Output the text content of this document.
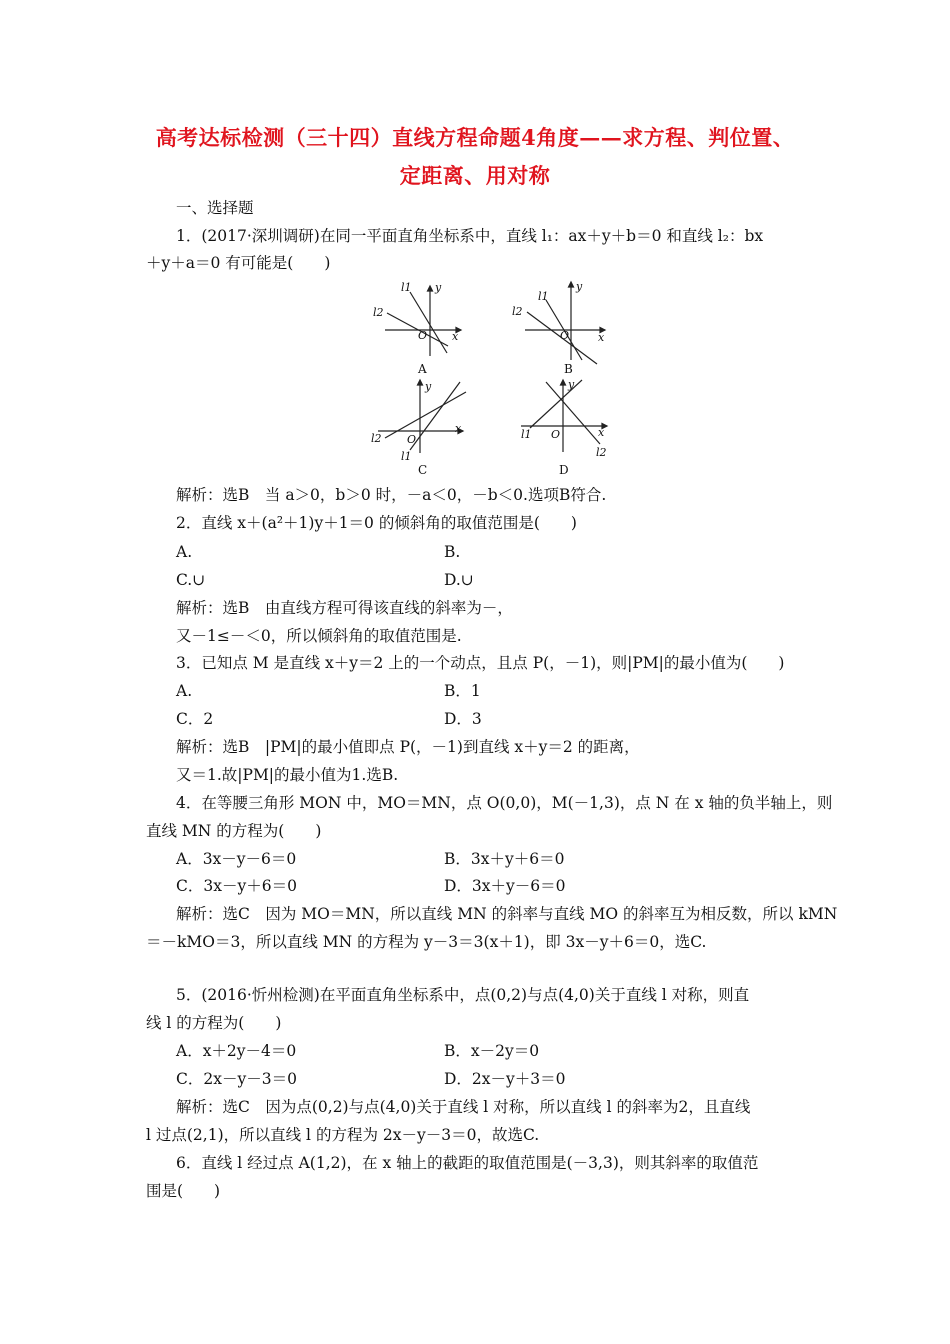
高考达标检测（三十四）直线方程命题4角度——求方程、判位置、
定距离、用对称
一、选择题
1．(2017·深圳调研)在同一平面直角坐标系中，直线 l₁：ax＋y＋b＝0 和直线 l₂：bx
＋y＋a＝0 有可能是(　　)
l1
l2
O x
y
A
l1
l2
O	x
y
B
l1
l2 O
x
y
C
l1
l2
O	x
y
D
解析：选B　当 a＞0，b＞0 时，－a＜0，－b＜0.选项B符合.
2．直线 x＋(a²＋1)y＋1＝0 的倾斜角的取值范围是(　　)
A.	B.
C.∪	D.∪
解析：选B　由直线方程可得该直线的斜率为－，
又－1≤－＜0，所以倾斜角的取值范围是.
3．已知点 M 是直线 x＋y＝2 上的一个动点，且点 P(，－1)，则|PM|的最小值为(　　)
A.	B．1
C．2	D．3
解析：选B　|PM|的最小值即点 P(，－1)到直线 x＋y＝2 的距离，
又＝1.故|PM|的最小值为1.选B.
4．在等腰三角形 MON 中，MO＝MN，点 O(0,0)，M(－1,3)，点 N 在 x 轴的负半轴上，则
直线 MN 的方程为(　　)
A．3x－y－6＝0	B．3x＋y＋6＝0
C．3x－y＋6＝0	D．3x＋y－6＝0
解析：选C　因为 MO＝MN，所以直线 MN 的斜率与直线 MO 的斜率互为相反数，所以 kMN
＝－kMO＝3，所以直线 MN 的方程为 y－3＝3(x＋1)，即 3x－y＋6＝0，选C.
5．(2016·忻州检测)在平面直角坐标系中，点(0,2)与点(4,0)关于直线 l 对称，则直
线 l 的方程为(　　)
A．x＋2y－4＝0	B．x－2y＝0
C．2x－y－3＝0	D．2x－y＋3＝0
解析：选C　因为点(0,2)与点(4,0)关于直线 l 对称，所以直线 l 的斜率为2，且直线
l 过点(2,1)，所以直线 l 的方程为 2x－y－3＝0，故选C.
6．直线 l 经过点 A(1,2)，在 x 轴上的截距的取值范围是(－3,3)，则其斜率的取值范
围是(　　)
